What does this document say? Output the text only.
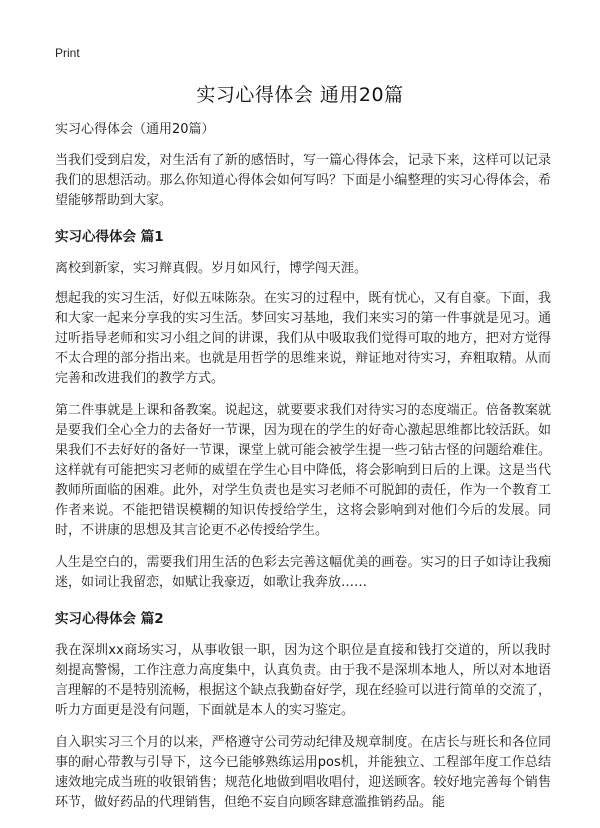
Print
实习心得体会 通用20篇
实习心得体会（通用20篇）
当我们受到启发，对生活有了新的感悟时，写一篇心得体会，记录下来，这样可以记录我们的思想活动。那么你知道心得体会如何写吗？下面是小编整理的实习心得体会，希望能够帮助到大家。
实习心得体会 篇1
离校到新家，实习辩真假。岁月如风行，博学闯天涯。
想起我的实习生活，好似五味陈杂。在实习的过程中，既有忧心，又有自豪。下面，我和大家一起来分享我的实习生活。梦回实习基地，我们来实习的第一件事就是见习。通过听指导老师和实习小组之间的讲课，我们从中吸取我们觉得可取的地方，把对方觉得不太合理的部分指出来。也就是用哲学的思维来说，辩证地对待实习，弃粗取精。从而完善和改进我们的教学方式。
第二件事就是上课和备教案。说起这，就要要求我们对待实习的态度端正。倍备教案就是要我们全心全力的去备好一节课，因为现在的学生的好奇心激起思维都比较活跃。如果我们不去好好的备好一节课，课堂上就可能会被学生提一些刁钻古怪的问题给难住。这样就有可能把实习老师的威望在学生心目中降低，将会影响到日后的上课。这是当代教师所面临的困难。此外，对学生负责也是实习老师不可脱卸的责任，作为一个教育工作者来说。不能把错误模糊的知识传授给学生，这将会影响到对他们今后的发展。同时，不讲康的思想及其言论更不必传授给学生。
人生是空白的，需要我们用生活的色彩去完善这幅优美的画卷。实习的日子如诗让我痴迷，如词让我留恋，如赋让我豪迈，如歌让我奔放……
实习心得体会 篇2
我在深圳xx商场实习，从事收银一职，因为这个职位是直接和钱打交道的，所以我时刻提高警惕，工作注意力高度集中，认真负责。由于我不是深圳本地人，所以对本地语言理解的不是特别流畅，根据这个缺点我勤奋好学，现在经验可以进行简单的交流了，听力方面更是没有问题，下面就是本人的实习鉴定。
自入职实习三个月的以来，严格遵守公司劳动纪律及规章制度。在店长与班长和各位同事的耐心带教与引导下，这今已能够熟练运用pos机，并能独立、工程部年度工作总结速效地完成当班的收银销售；规范化地做到唱收唱付，迎送顾客。较好地完善每个销售环节，做好药品的代理销售，但绝不妄自向顾客肆意滥推销药品。能
